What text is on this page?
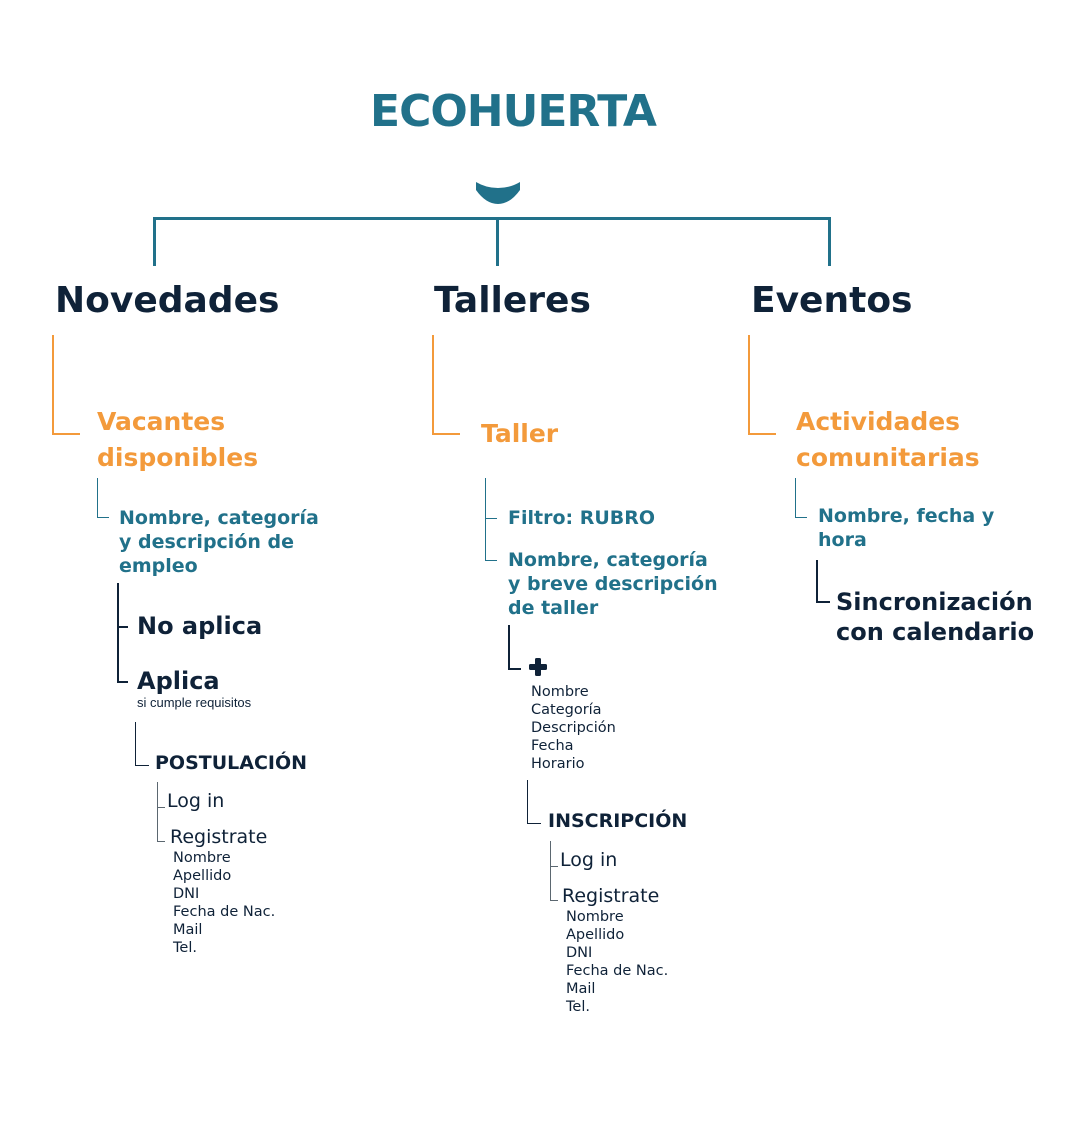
ECOHUERTA
Novedades
Vacantes
disponibles
Nombre, categoría
y descripción de
empleo
No aplica
Aplica
si cumple requisitos
POSTULACIÓN
Log in
Registrate
Nombre
Apellido
DNI
Fecha de Nac.
Mail
Tel.
Talleres
Taller
Filtro: RUBRO
Nombre, categoría
y breve descripción
de taller
Nombre
Categoría
Descripción
Fecha
Horario
INSCRIPCIÓN
Log in
Registrate
Nombre
Apellido
DNI
Fecha de Nac.
Mail
Tel.
Eventos
Actividades
comunitarias
Nombre, fecha y
hora
Sincronización
con calendario
